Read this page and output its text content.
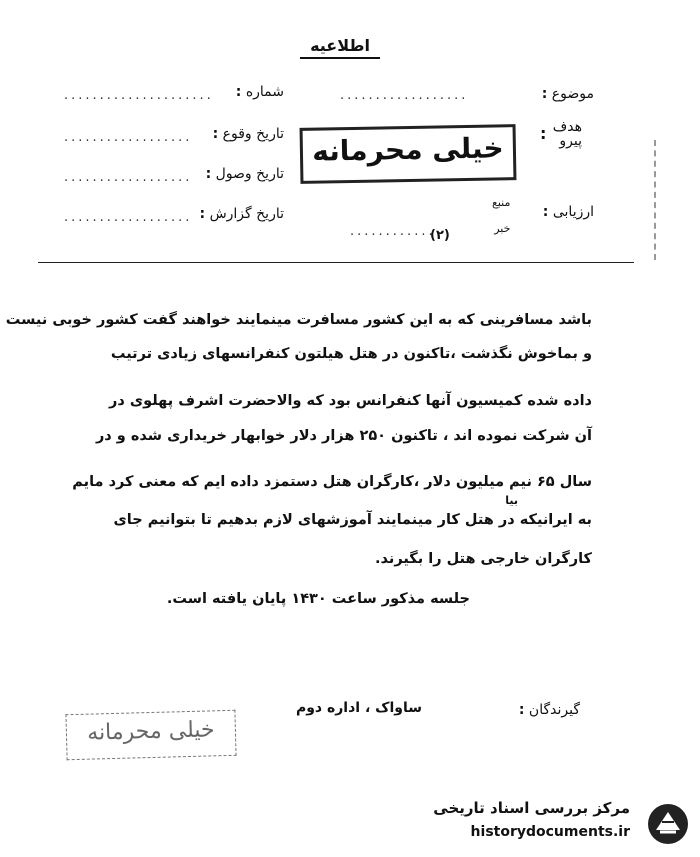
اطلاعیه
موضوع :
..................
هدف
پیرو
:
ارزیابی :
منبع
خبر
............
شماره :
.....................
تاریخ وقوع :
..................
تاریخ وصول :
..................
تاریخ گزارش :
..................
خیلی محرمانه
(۲)
باشد مسافرینی که به این کشور مسافرت مینمایند خواهند گفت کشور خوبی نیست
و بماخوش نگذشت ،تاکنون در هتل هیلتون کنفرانسهای زیادی ترتیب
داده شده کمیسیون آنها کنفرانس بود که والاحضرت اشرف پهلوی در
آن شرکت نموده اند ، تاکنون ۲۵۰ هزار دلار خوابهار خریداری شده و در
سال ۶۵ نیم میلیون دلار ،کارگران هتل دستمزد داده ایم که معنی کرد مایم
بیا
به ایرانیکه در هتل کار مینمایند آموزشهای لازم بدهیم تا بتوانیم جای
کارگران خارجی هتل را بگیرند.
جلسه مذکور ساعت ۱۴۳۰ پایان یافته است.
گیرندگان :
ساواک ، اداره دوم
خیلی محرمانه
مرکز بررسی اسناد تاریخی
historydocuments.ir
